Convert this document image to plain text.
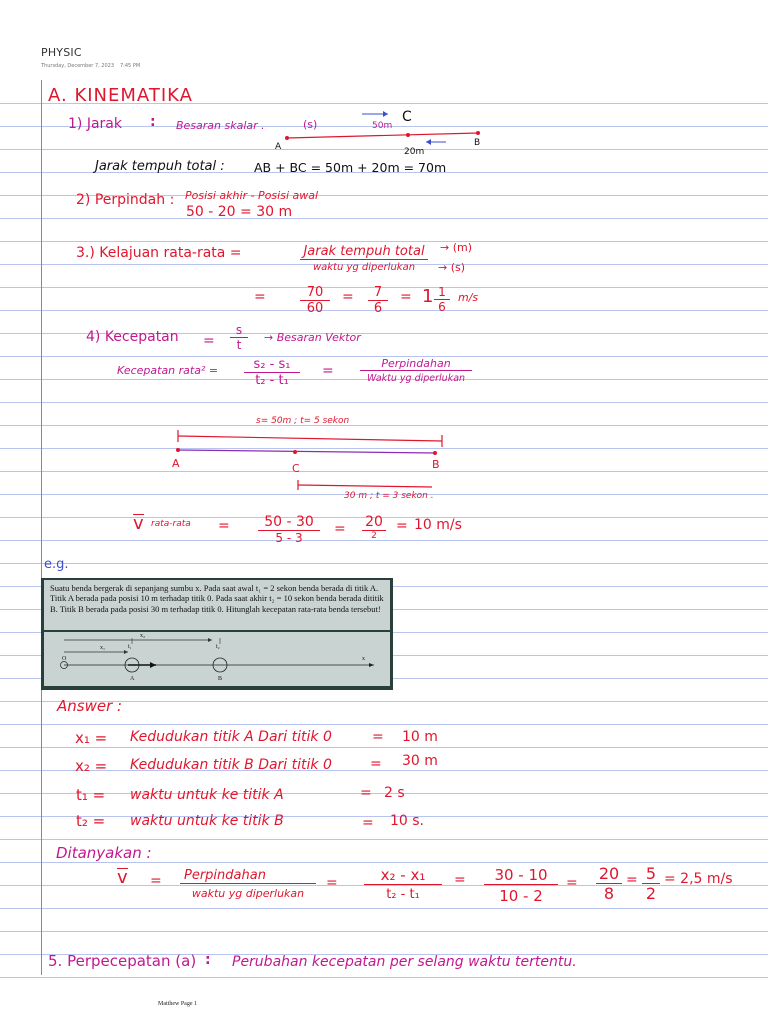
PHYSIC
Thursday, December 7, 2023 7:45 PM
A. KINEMATIKA
1) Jarak : Besaran skalar .	(s)	50m
C
A	B
20m
Jarak tempuh total : AB + BC = 50m + 20m = 70m
2) Perpindah : Posisi akhir - Posisi awal
50 - 20 = 30 m
3.) Kelajuan rata-rata =	Jarak tempuh total
waktu yg diperlukan
→ (m)
→ (s)
=	70
60
=	7
6
= 1 1
6
m/s
4) Kecepatan =
s
t
→ Besaran Vektor
Kecepatan rata² =	s₂ - s₁
t₂ - t₁
=	Perpindahan
Waktu yg diperlukan
s= 50m ; t= 5 sekon
A	C	B
30 m ; t = 3 sekon .
v rata-rata =	50 - 30
5 - 3
= 20
2
= 10 m/s
e.g.
Suatu benda bergerak di sepanjang sumbu x. Pada saat awal t₁ = 2 sekon benda berada di titik A. Titik A berada pada posisi 10 m terhadap titik 0. Pada saat akhir t₂ = 10 sekon benda berada dititik B. Titik B berada pada posisi 30 m terhadap titik 0. Hitunglah kecepatan rata-rata benda tersebut!
O
A	B
x₁
x₂
t₁	t₂
x
Answer :
x₁ = Kedudukan titik A Dari titik 0	= 10 m
x₂ = Kedudukan titik B Dari titik 0	= 30 m
t₁ = waktu untuk ke titik A	= 2 s
t₂ = waktu untuk ke titik B	= 10 s.
Ditanyakan :
v =	Perpindahan
waktu yg diperlukan
=	x₂ - x₁
t₂ - t₁
=	30 - 10
10 - 2
= 20
8
= 5
2
= 2,5 m/s
5. Perpecepatan (a) : Perubahan kecepatan per selang waktu tertentu.
Matthew Page 1
